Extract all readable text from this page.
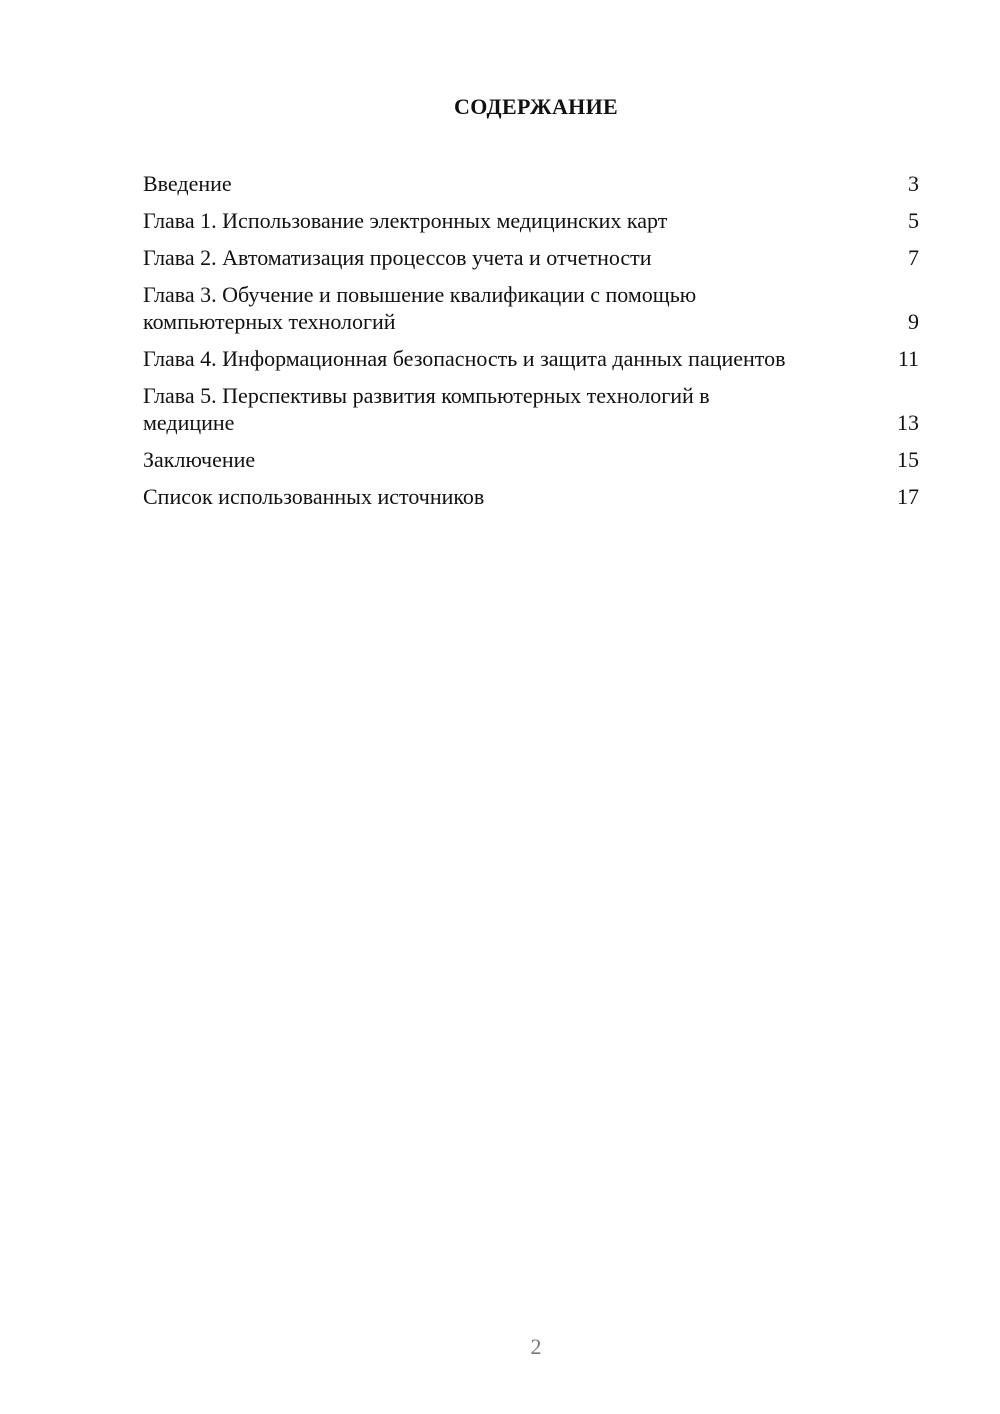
СОДЕРЖАНИЕ
Введение	3
Глава 1. Использование электронных медицинских карт	5
Глава 2. Автоматизация процессов учета и отчетности	7
Глава 3. Обучение и повышение квалификации с помощью компьютерных технологий	9
Глава 4. Информационная безопасность и защита данных пациентов	11
Глава 5. Перспективы развития компьютерных технологий в медицине	13
Заключение	15
Список использованных источников	17
2
